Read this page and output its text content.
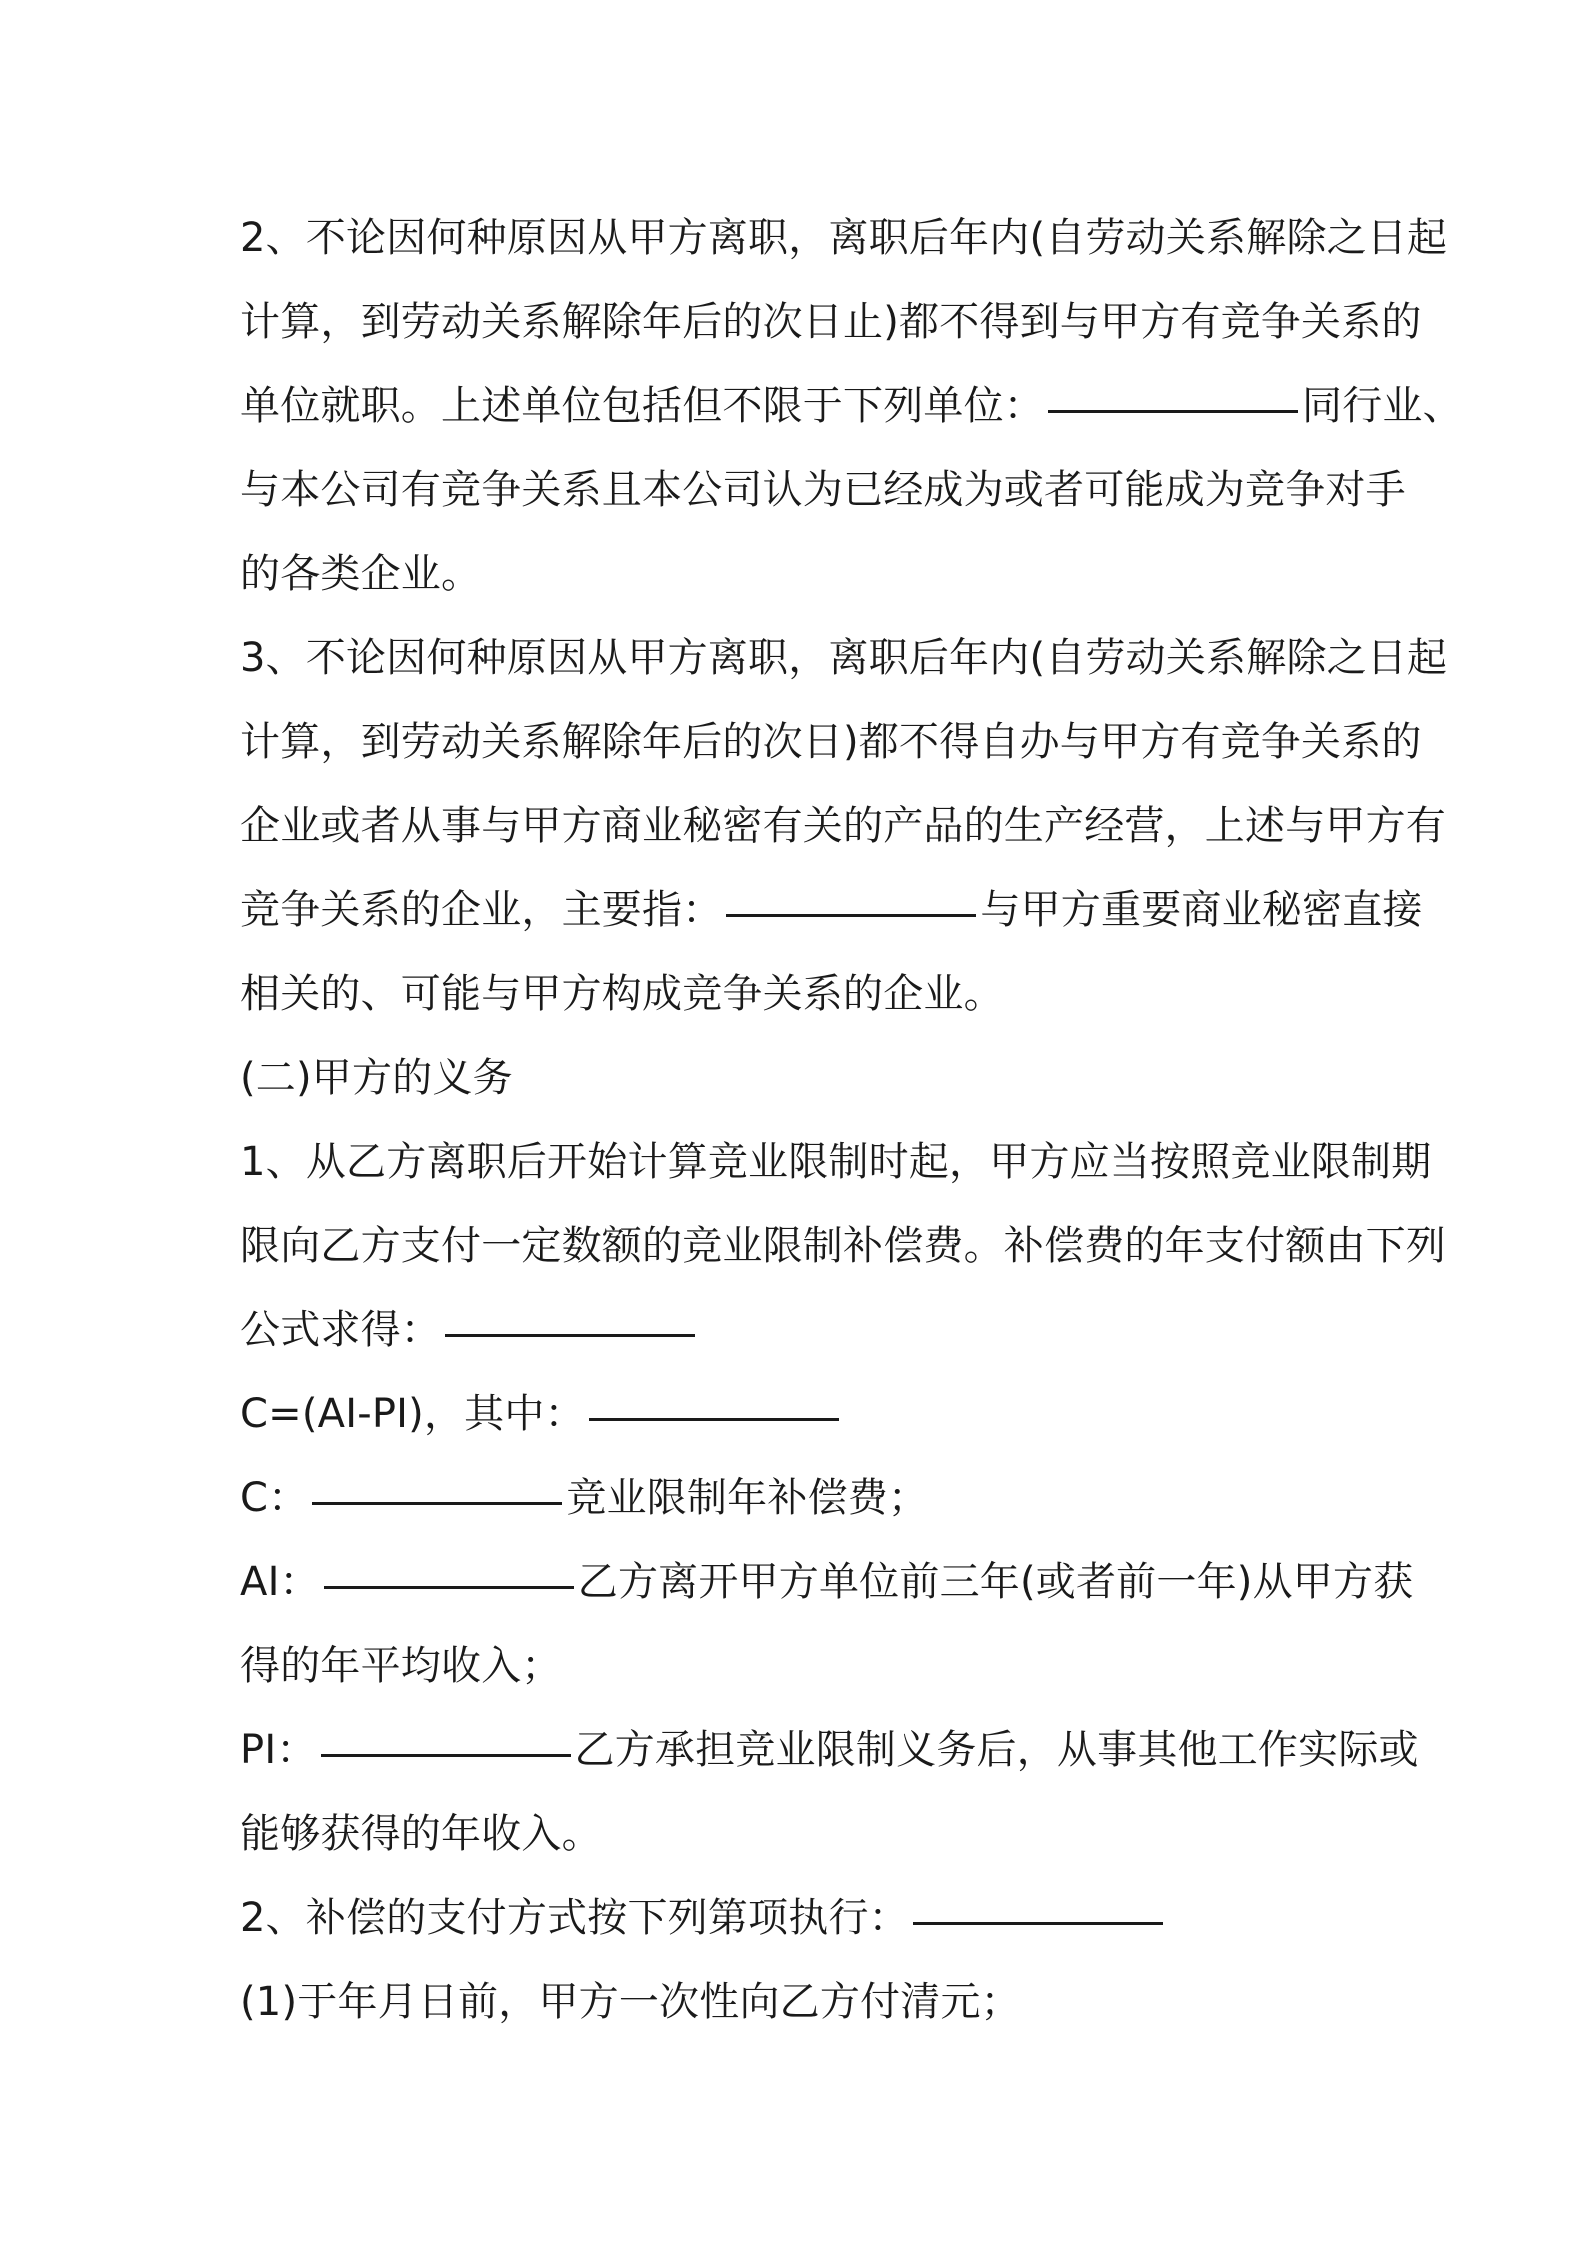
2、不论因何种原因从甲方离职，离职后年内(自劳动关系解除之日起
计算，到劳动关系解除年后的次日止)都不得到与甲方有竞争关系的
单位就职。上述单位包括但不限于下列单位：	同行业、
与本公司有竞争关系且本公司认为已经成为或者可能成为竞争对手
的各类企业。
3、不论因何种原因从甲方离职，离职后年内(自劳动关系解除之日起
计算，到劳动关系解除年后的次日)都不得自办与甲方有竞争关系的
企业或者从事与甲方商业秘密有关的产品的生产经营，上述与甲方有
竞争关系的企业，主要指：	与甲方重要商业秘密直接
相关的、可能与甲方构成竞争关系的企业。
(二)甲方的义务
1、从乙方离职后开始计算竞业限制时起，甲方应当按照竞业限制期
限向乙方支付一定数额的竞业限制补偿费。补偿费的年支付额由下列
公式求得：
C=(AI-PI)，其中：
C：	竞业限制年补偿费；
AI：	乙方离开甲方单位前三年(或者前一年)从甲方获
得的年平均收入；
PI：	乙方承担竞业限制义务后，从事其他工作实际或
能够获得的年收入。
2、补偿的支付方式按下列第项执行：
(1)于年月日前，甲方一次性向乙方付清元；
